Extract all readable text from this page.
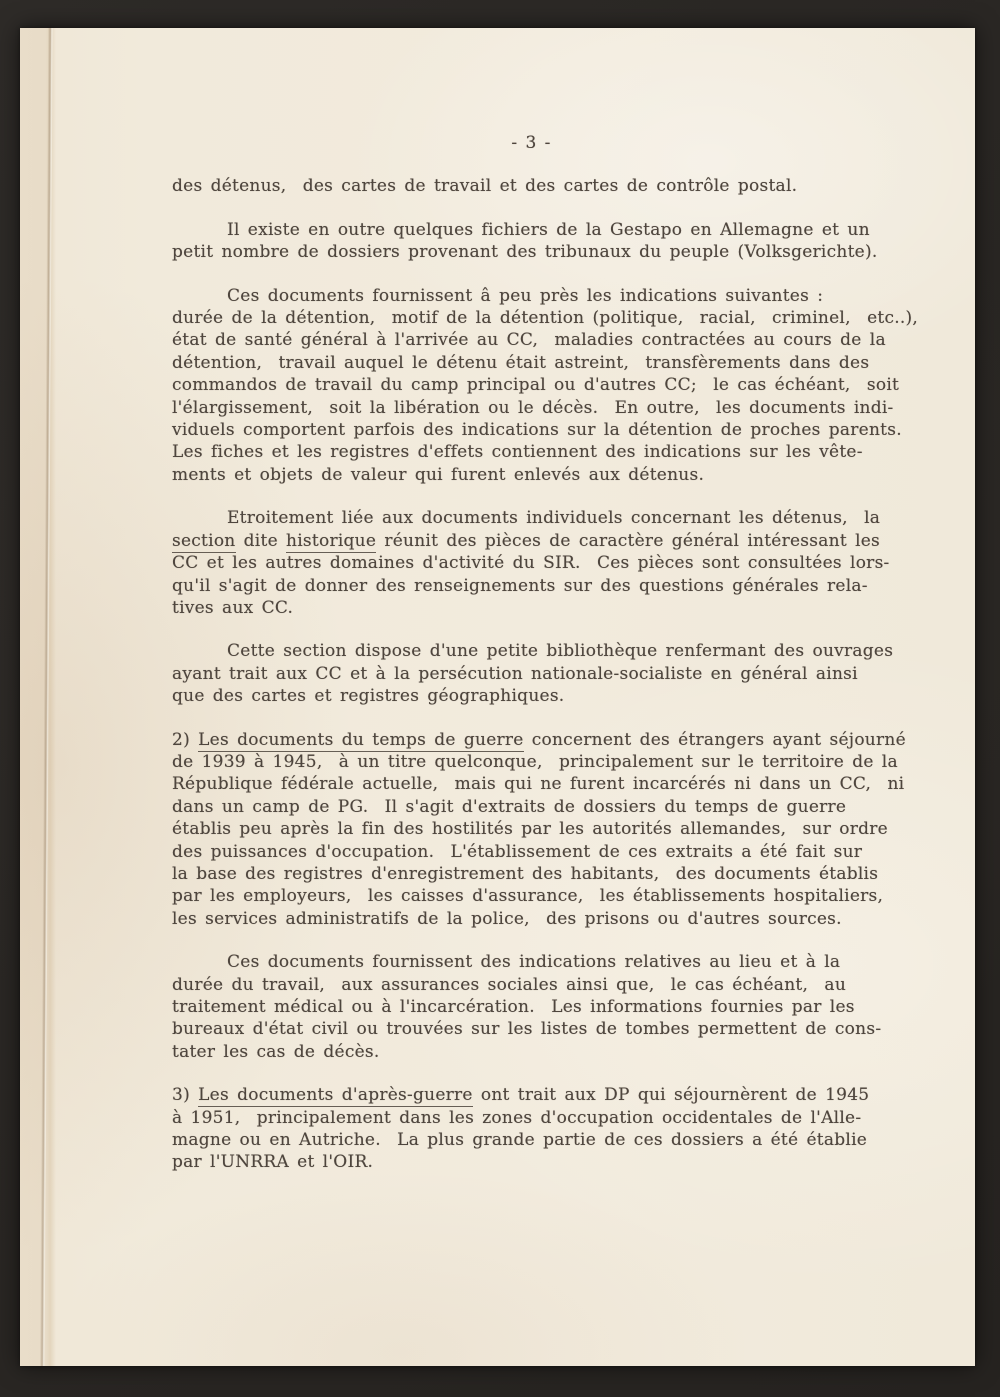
- 3 -
des détenus,  des cartes de travail et des cartes de contrôle postal.
Il existe en outre quelques fichiers de la Gestapo en Allemagne et un
petit nombre de dossiers provenant des tribunaux du peuple (Volksgerichte).
Ces documents fournissent â peu près les indications suivantes :
durée de la détention,  motif de la détention (politique,  racial,  criminel,  etc..),
état de santé général à l'arrivée au CC,  maladies contractées au cours de la
détention,  travail auquel le détenu était astreint,  transfèrements dans des
commandos de travail du camp principal ou d'autres CC;  le cas échéant,  soit
l'élargissement,  soit la libération ou le décès.  En outre,  les documents indi-
viduels comportent parfois des indications sur la détention de proches parents.
Les fiches et les registres d'effets contiennent des indications sur les vête-
ments et objets de valeur qui furent enlevés aux détenus.
Etroitement liée aux documents individuels concernant les détenus,  la
section dite historique réunit des pièces de caractère général intéressant les
CC et les autres domaines d'activité du SIR.  Ces pièces sont consultées lors-
qu'il s'agit de donner des renseignements sur des questions générales rela-
tives aux CC.
Cette section dispose d'une petite bibliothèque renfermant des ouvrages
ayant trait aux CC et à la persécution nationale-socialiste en général ainsi
que des cartes et registres géographiques.
2) Les documents du temps de guerre concernent des étrangers ayant séjourné
de 1939 à 1945,  à un titre quelconque,  principalement sur le territoire de la
République fédérale actuelle,  mais qui ne furent incarcérés ni dans un CC,  ni
dans un camp de PG.  Il s'agit d'extraits de dossiers du temps de guerre
établis peu après la fin des hostilités par les autorités allemandes,  sur ordre
des puissances d'occupation.  L'établissement de ces extraits a été fait sur
la base des registres d'enregistrement des habitants,  des documents établis
par les employeurs,  les caisses d'assurance,  les établissements hospitaliers,
les services administratifs de la police,  des prisons ou d'autres sources.
Ces documents fournissent des indications relatives au lieu et à la
durée du travail,  aux assurances sociales ainsi que,  le cas échéant,  au
traitement médical ou à l'incarcération.  Les informations fournies par les
bureaux d'état civil ou trouvées sur les listes de tombes permettent de cons-
tater les cas de décès.
3) Les documents d'après-guerre ont trait aux DP qui séjournèrent de 1945
à 1951,  principalement dans les zones d'occupation occidentales de l'Alle-
magne ou en Autriche.  La plus grande partie de ces dossiers a été établie
par l'UNRRA et l'OIR.
